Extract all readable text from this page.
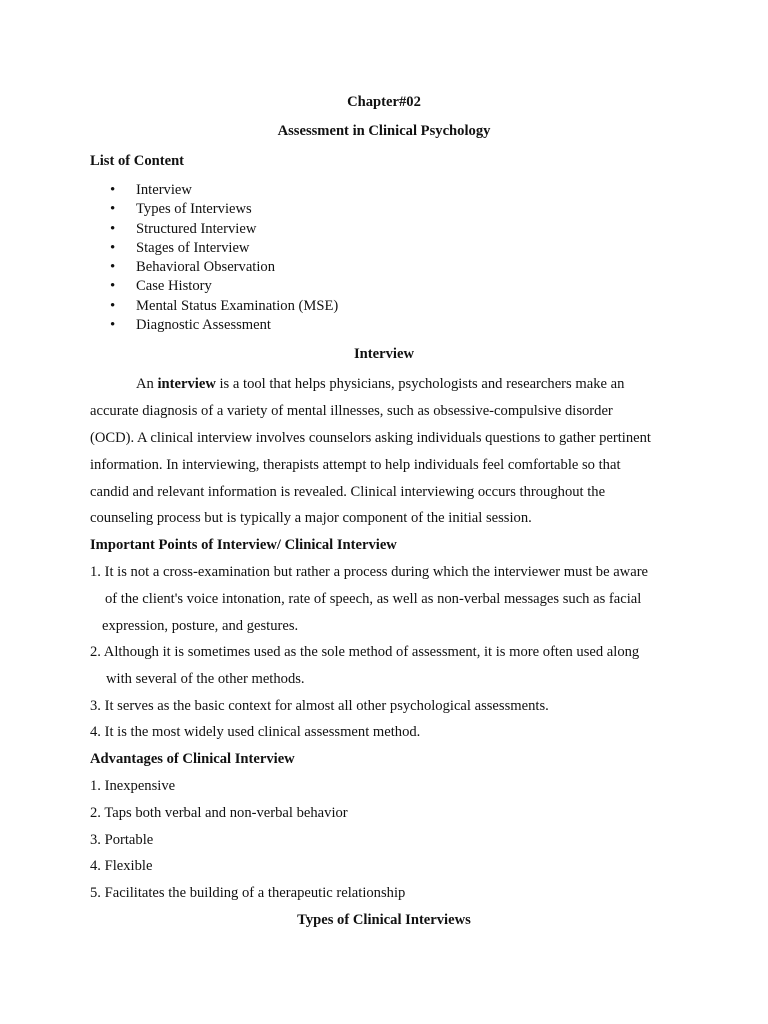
Chapter#02
Assessment in Clinical Psychology
List of Content
• Interview
• Types of Interviews
• Structured Interview
• Stages of Interview
• Behavioral Observation
• Case History
• Mental Status Examination (MSE)
• Diagnostic Assessment
Interview
An interview is a tool that helps physicians, psychologists and researchers make an
accurate diagnosis of a variety of mental illnesses, such as obsessive-compulsive disorder
(OCD). A clinical interview involves counselors asking individuals questions to gather pertinent
information. In interviewing, therapists attempt to help individuals feel comfortable so that
candid and relevant information is revealed. Clinical interviewing occurs throughout the
counseling process but is typically a major component of the initial session.
Important Points of Interview/ Clinical Interview
1. It is not a cross-examination but rather a process during which the interviewer must be aware
of the client's voice intonation, rate of speech, as well as non-verbal messages such as facial
expression, posture, and gestures.
2. Although it is sometimes used as the sole method of assessment, it is more often used along
with several of the other methods.
3. It serves as the basic context for almost all other psychological assessments.
4. It is the most widely used clinical assessment method.
Advantages of Clinical Interview
1. Inexpensive
2. Taps both verbal and non-verbal behavior
3. Portable
4. Flexible
5. Facilitates the building of a therapeutic relationship
Types of Clinical Interviews
